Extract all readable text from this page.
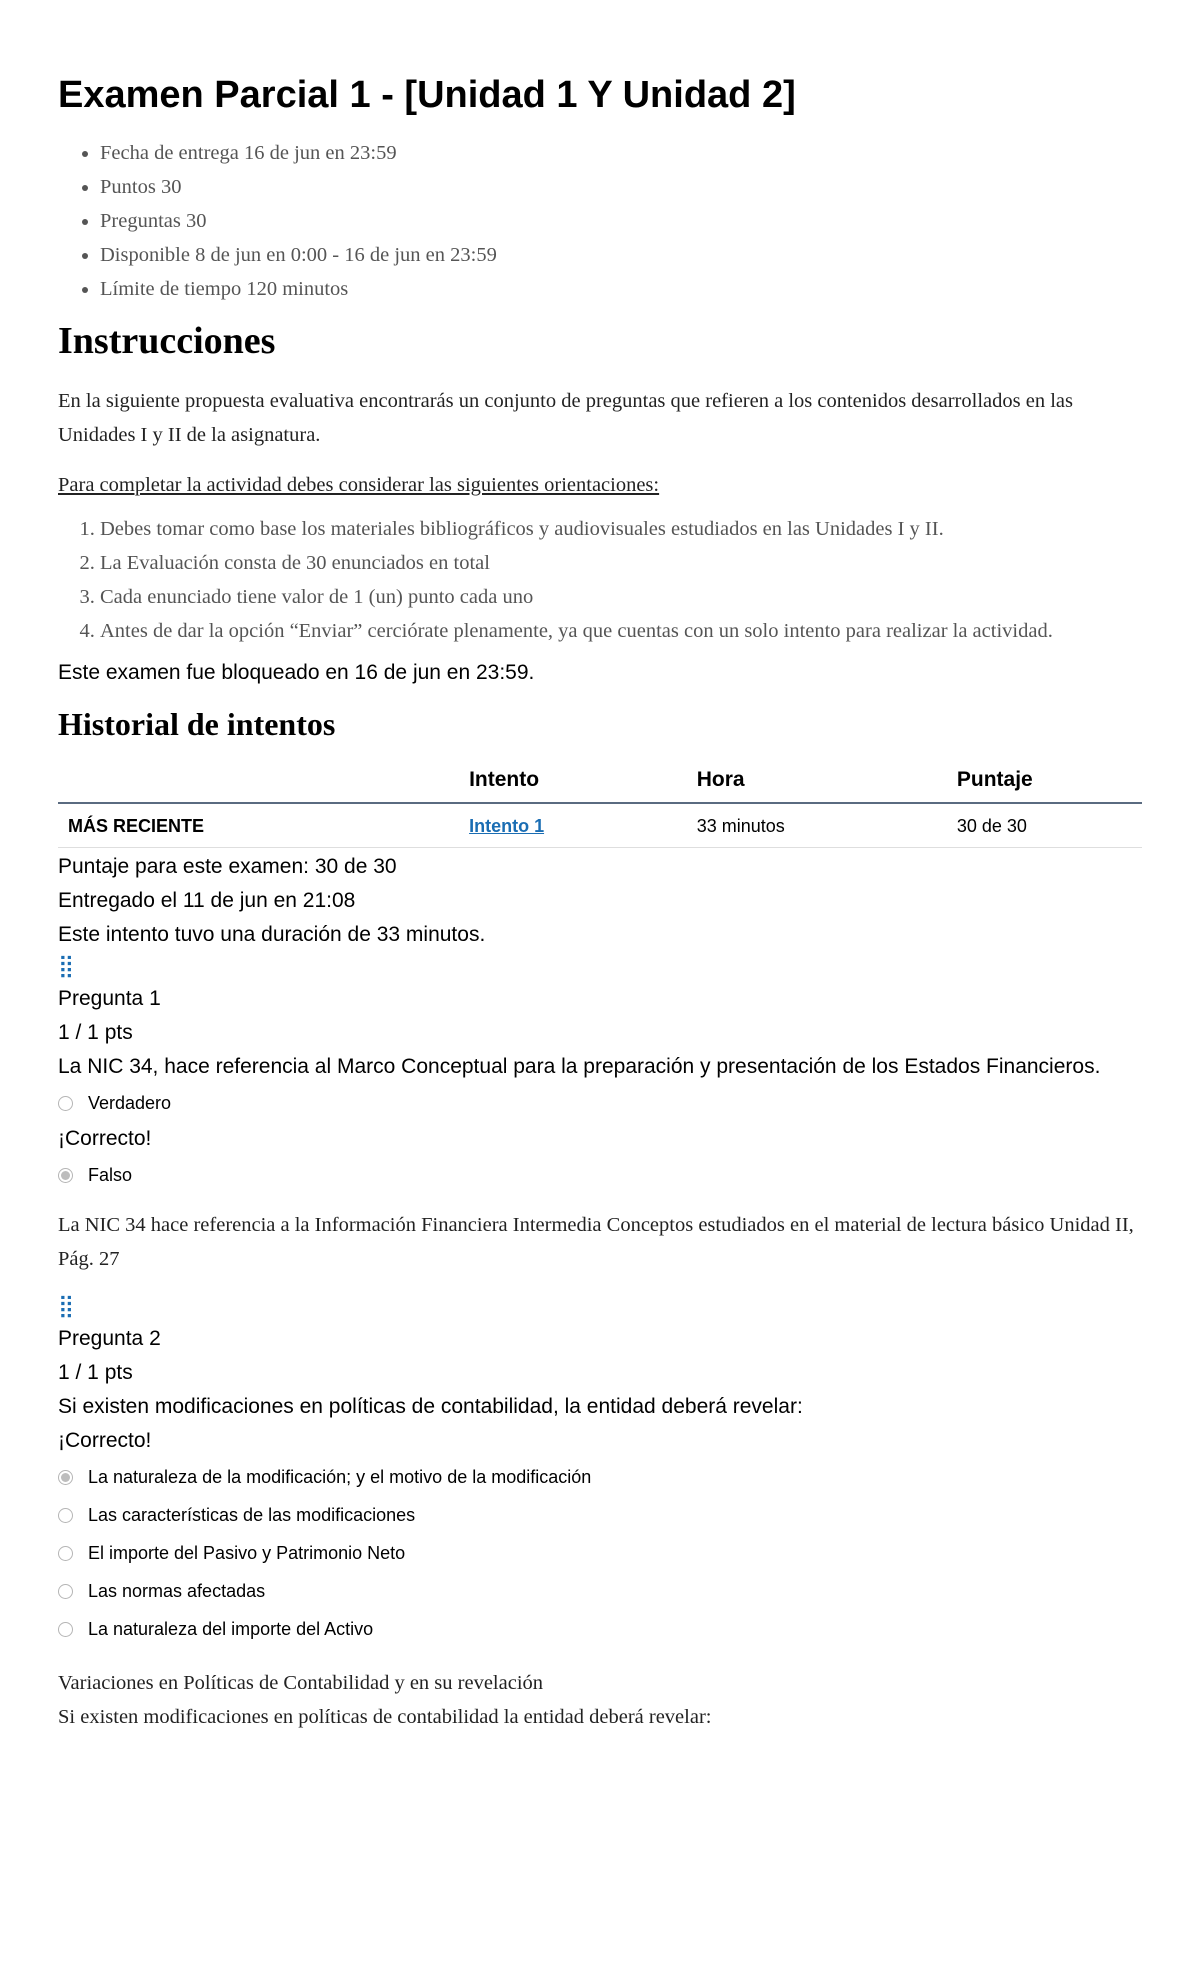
Examen Parcial 1 - [Unidad 1 Y Unidad 2]
• Fecha de entrega 16 de jun en 23:59
• Puntos 30
• Preguntas 30
• Disponible 8 de jun en 0:00 - 16 de jun en 23:59
• Límite de tiempo 120 minutos
Instrucciones

En la siguiente propuesta evaluativa encontrarás un conjunto de preguntas que refieren a los contenidos desarrollados en las Unidades I y II de la asignatura.

Para completar la actividad debes considerar las siguientes orientaciones:

1. Debes tomar como base los materiales bibliográficos y audiovisuales estudiados en las Unidades I y II.
2. La Evaluación consta de 30 enunciados en total
3. Cada enunciado tiene valor de 1 (un) punto cada uno
4. Antes de dar la opción “Enviar” cerciórate plenamente, ya que cuentas con un solo intento para realizar la actividad.
Este examen fue bloqueado en 16 de jun en 23:59.
Historial de intentos
	Intento	Hora	Puntaje
MÁS RECIENTE	Intento 1	33 minutos	30 de 30
Puntaje para este examen: 30 de 30
Entregado el 11 de jun en 21:08
Este intento tuvo una duración de 33 minutos.
⣿
Pregunta 1
1 / 1 pts
La NIC 34, hace referencia al Marco Conceptual para la preparación y presentación de los Estados Financieros.
Verdadero
¡Correcto!
Falso

La NIC 34 hace referencia a la Información Financiera Intermedia Conceptos estudiados en el material de lectura básico Unidad II, Pág. 27

⣿
Pregunta 2
1 / 1 pts
Si existen modificaciones en políticas de contabilidad, la entidad deberá revelar:
¡Correcto!
La naturaleza de la modificación; y el motivo de la modificación
Las características de las modificaciones
El importe del Pasivo y Patrimonio Neto
Las normas afectadas
La naturaleza del importe del Activo

Variaciones en Políticas de Contabilidad y en su revelación

Si existen modificaciones en políticas de contabilidad la entidad deberá revelar:
